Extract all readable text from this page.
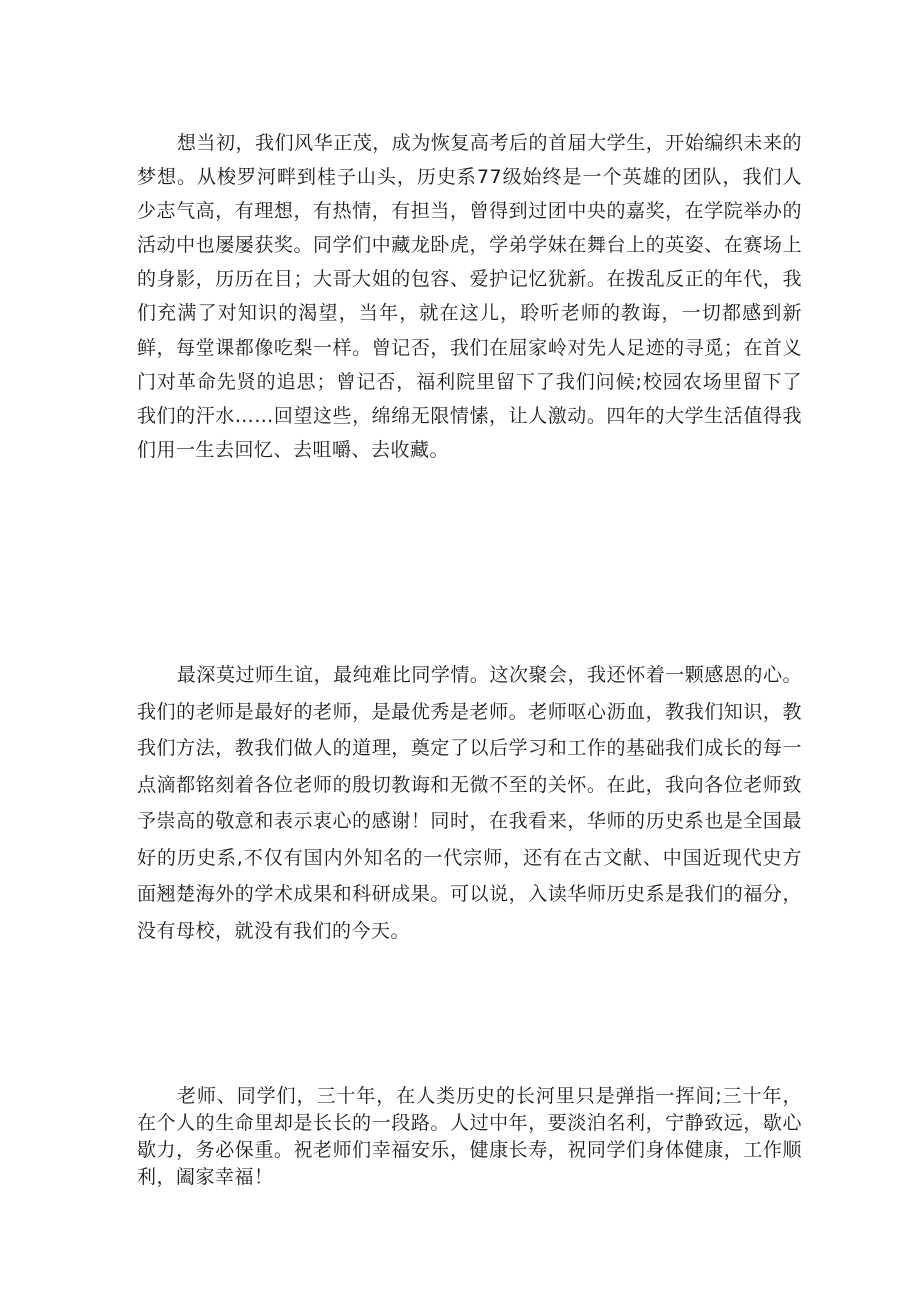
想当初，我们风华正茂，成为恢复高考后的首届大学生，开始编织未来的梦想。从梭罗河畔到桂子山头，历史系77级始终是一个英雄的团队，我们人少志气高，有理想，有热情，有担当，曾得到过团中央的嘉奖，在学院举办的活动中也屡屡获奖。同学们中藏龙卧虎，学弟学妹在舞台上的英姿、在赛场上的身影，历历在目；大哥大姐的包容、爱护记忆犹新。在拨乱反正的年代，我们充满了对知识的渴望，当年，就在这儿，聆听老师的教诲，一切都感到新鲜，每堂课都像吃梨一样。曾记否，我们在屈家岭对先人足迹的寻觅；在首义门对革命先贤的追思；曾记否，福利院里留下了我们问候;校园农场里留下了我们的汗水……回望这些，绵绵无限情愫，让人激动。四年的大学生活值得我们用一生去回忆、去咀嚼、去收藏。

最深莫过师生谊，最纯难比同学情。这次聚会，我还怀着一颗感恩的心。我们的老师是最好的老师，是最优秀是老师。老师呕心沥血，教我们知识，教我们方法，教我们做人的道理，奠定了以后学习和工作的基础我们成长的每一点滴都铭刻着各位老师的殷切教诲和无微不至的关怀。在此，我向各位老师致予崇高的敬意和表示衷心的感谢！同时，在我看来，华师的历史系也是全国最好的历史系,不仅有国内外知名的一代宗师，还有在古文献、中国近现代史方面翘楚海外的学术成果和科研成果。可以说，入读华师历史系是我们的福分，没有母校，就没有我们的今天。

老师、同学们，三十年，在人类历史的长河里只是弹指一挥间;三十年，在个人的生命里却是长长的一段路。人过中年，要淡泊名利，宁静致远，歇心歇力，务必保重。祝老师们幸福安乐，健康长寿，祝同学们身体健康，工作顺利，阖家幸福！
